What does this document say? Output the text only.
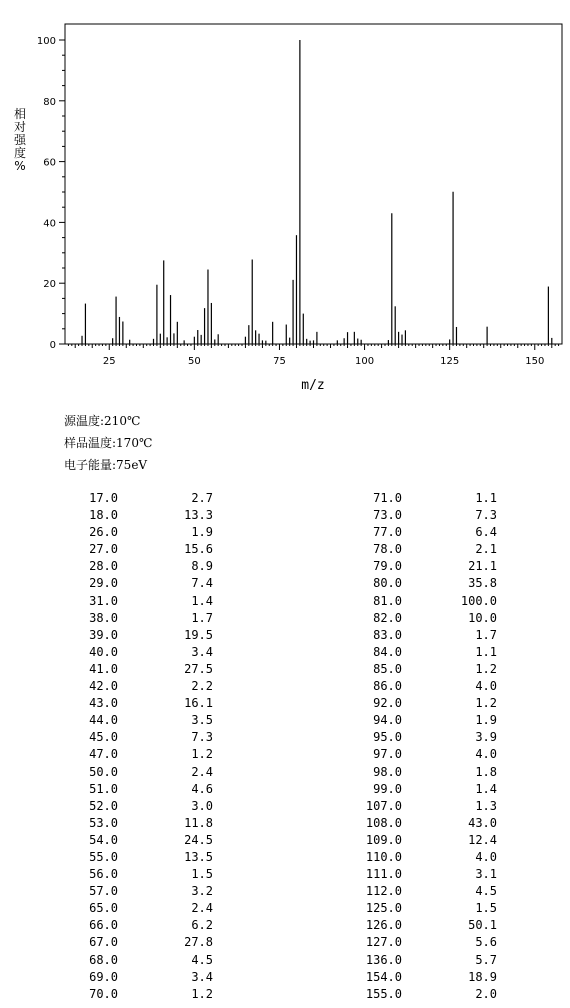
0
20
40
60
80
100
25	50	75	100	125	150
m/z
相
对
强
度
%
源温度:210℃
样品温度:170℃
电子能量:75eV
17.0	2.7
18.0	13.3
26.0	1.9
27.0	15.6
28.0	8.9
29.0	7.4
31.0	1.4
38.0	1.7
39.0	19.5
40.0	3.4
41.0	27.5
42.0	2.2
43.0	16.1
44.0	3.5
45.0	7.3
47.0	1.2
50.0	2.4
51.0	4.6
52.0	3.0
53.0	11.8
54.0	24.5
55.0	13.5
56.0	1.5
57.0	3.2
65.0	2.4
66.0	6.2
67.0	27.8
68.0	4.5
69.0	3.4
70.0	1.2
71.0	1.1
73.0	7.3
77.0	6.4
78.0	2.1
79.0	21.1
80.0	35.8
81.0	100.0
82.0	10.0
83.0	1.7
84.0	1.1
85.0	1.2
86.0	4.0
92.0	1.2
94.0	1.9
95.0	3.9
97.0	4.0
98.0	1.8
99.0	1.4
107.0	1.3
108.0	43.0
109.0	12.4
110.0	4.0
111.0	3.1
112.0	4.5
125.0	1.5
126.0	50.1
127.0	5.6
136.0	5.7
154.0	18.9
155.0	2.0
